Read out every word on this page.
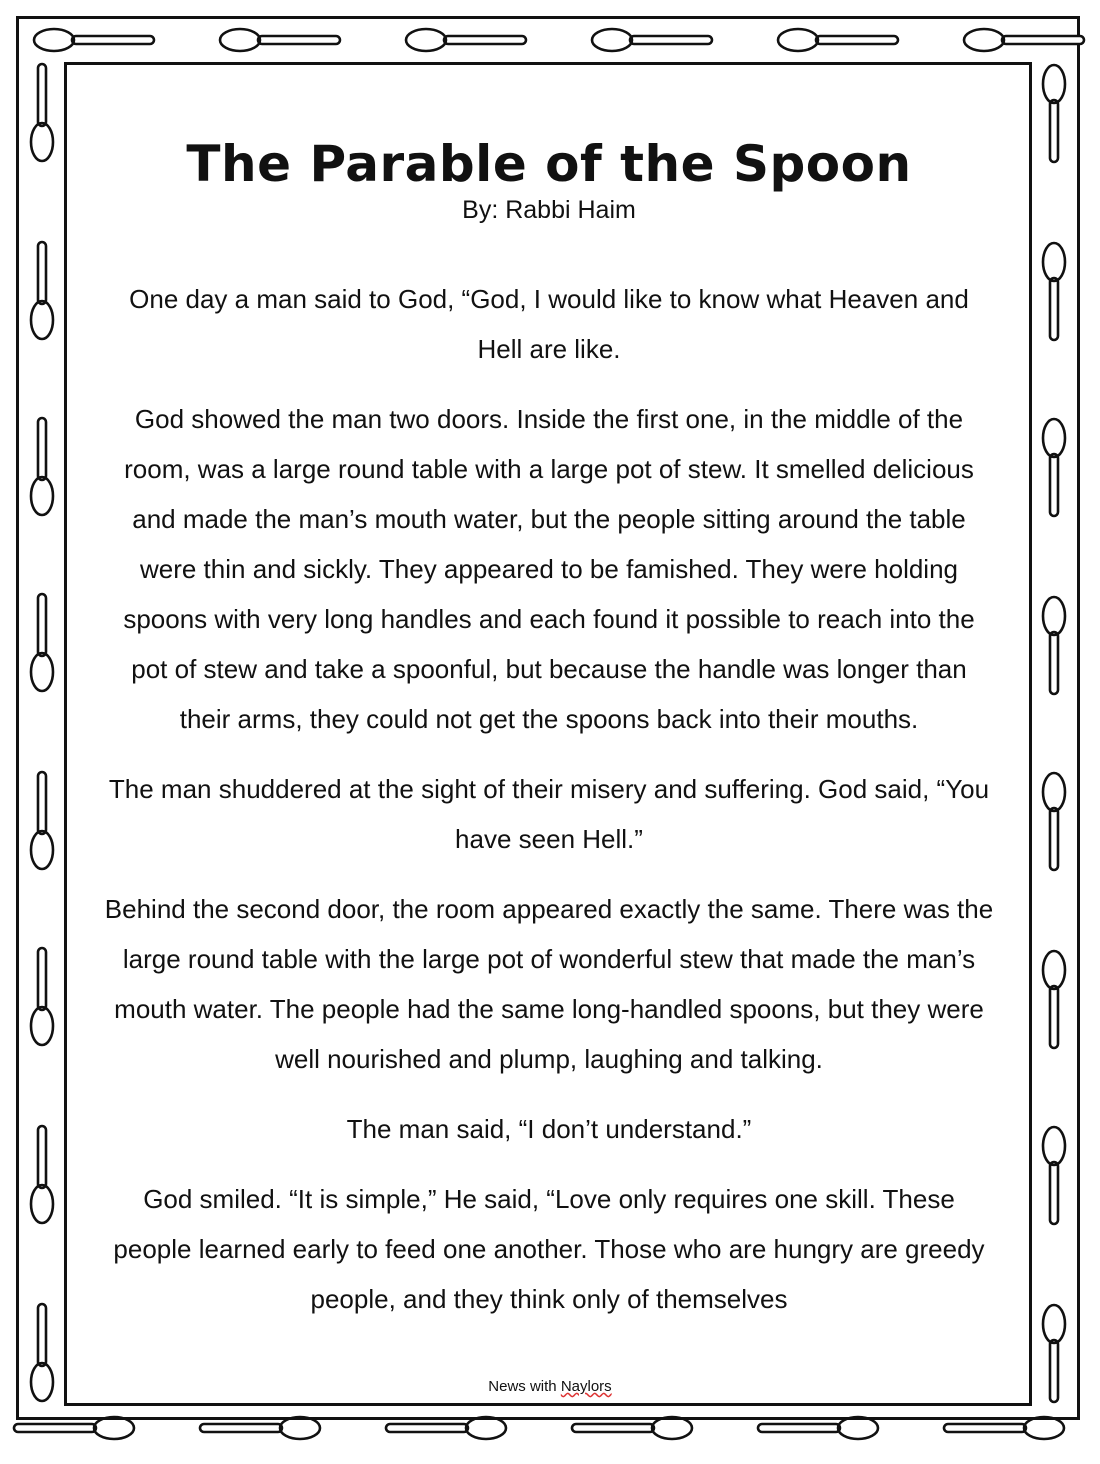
The Parable of the Spoon
By: Rabbi Haim

One day a man said to God, “God, I would like to know what Heaven and Hell are like.

God showed the man two doors. Inside the first one, in the middle of the room, was a large round table with a large pot of stew. It smelled delicious and made the man’s mouth water, but the people sitting around the table were thin and sickly. They appeared to be famished. They were holding spoons with very long handles and each found it possible to reach into the pot of stew and take a spoonful, but because the handle was longer than their arms, they could not get the spoons back into their mouths.

The man shuddered at the sight of their misery and suffering. God said, “You have seen Hell.”

Behind the second door, the room appeared exactly the same. There was the large round table with the large pot of wonderful stew that made the man’s mouth water. The people had the same long-handled spoons, but they were well nourished and plump, laughing and talking.

The man said, “I don’t understand.”

God smiled. “It is simple,” He said, “Love only requires one skill. These people learned early to feed one another. Those who are hungry are greedy people, and they think only of themselves

News with Naylors
